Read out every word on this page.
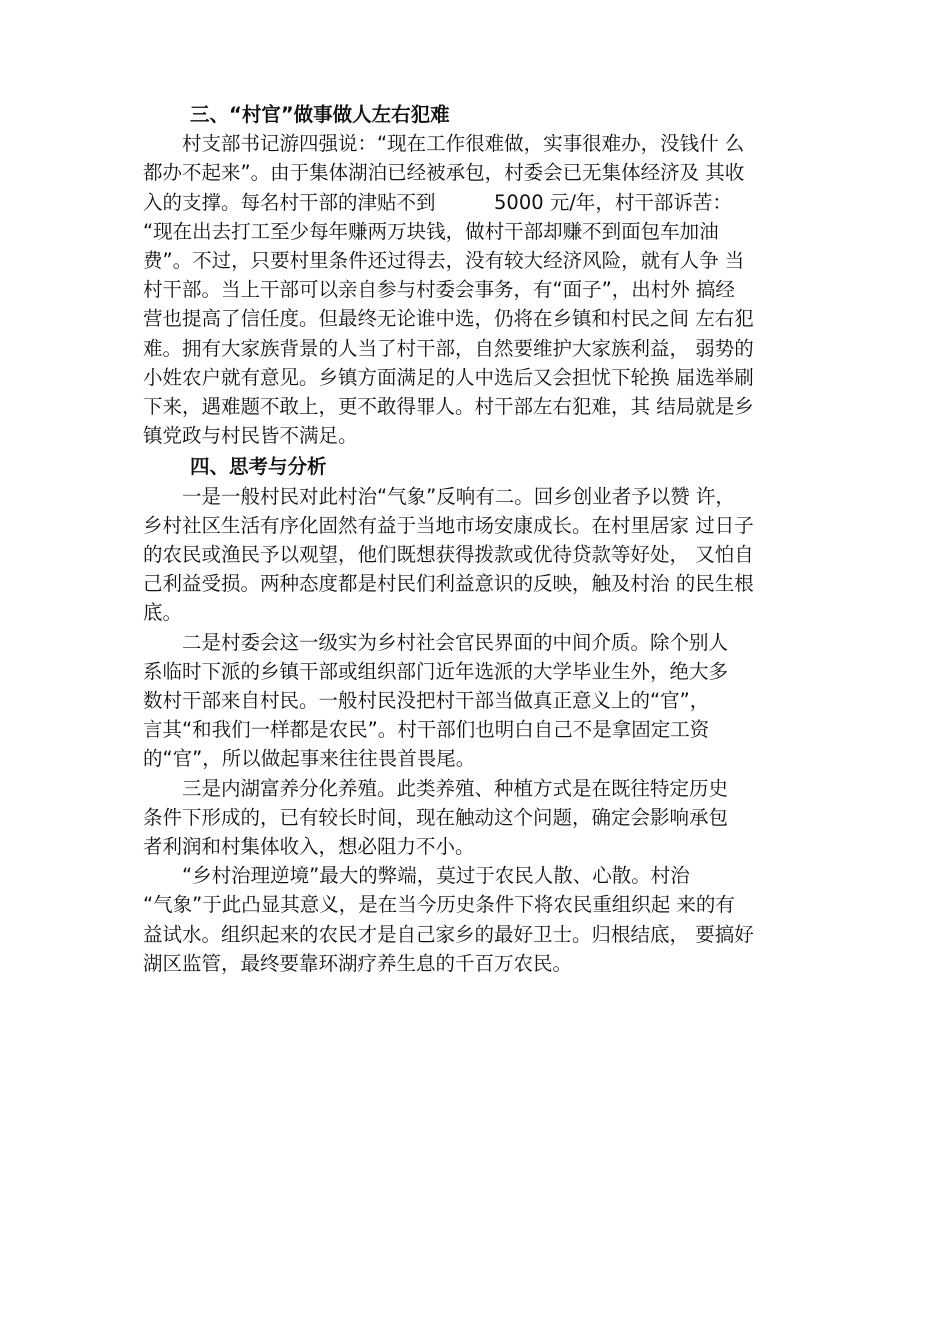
三、“村官”做事做人左右犯难
　　村支部书记游四强说：“现在工作很难做，实事很难办，没钱什 么
都办不起来”。由于集体湖泊已经被承包，村委会已无集体经济及 其收
入的支撑。每名村干部的津贴不到　　　5000 元/年，村干部诉苦：
“现在出去打工至少每年赚两万块钱，做村干部却赚不到面包车加油
费”。不过，只要村里条件还过得去，没有较大经济风险，就有人争 当
村干部。当上干部可以亲自参与村委会事务，有“面子”，出村外 搞经
营也提高了信任度。但最终无论谁中选，仍将在乡镇和村民之间 左右犯
难。拥有大家族背景的人当了村干部，自然要维护大家族利益， 弱势的
小姓农户就有意见。乡镇方面满足的人中选后又会担忧下轮换 届选举刷
下来，遇难题不敢上，更不敢得罪人。村干部左右犯难，其 结局就是乡
镇党政与村民皆不满足。
四、思考与分析
　　一是一般村民对此村治“气象”反响有二。回乡创业者予以赞 许，
乡村社区生活有序化固然有益于当地市场安康成长。在村里居家 过日子
的农民或渔民予以观望，他们既想获得拨款或优待贷款等好处， 又怕自
己利益受损。两种态度都是村民们利益意识的反映，触及村治 的民生根
底。
　　二是村委会这一级实为乡村社会官民界面的中间介质。除个别人
系临时下派的乡镇干部或组织部门近年选派的大学毕业生外，绝大多
数村干部来自村民。一般村民没把村干部当做真正意义上的“官”，
言其“和我们一样都是农民”。村干部们也明白自己不是拿固定工资
的“官”，所以做起事来往往畏首畏尾。
　　三是内湖富养分化养殖。此类养殖、种植方式是在既往特定历史
条件下形成的，已有较长时间，现在触动这个问题，确定会影响承包
者利润和村集体收入，想必阻力不小。
　　“乡村治理逆境”最大的弊端，莫过于农民人散、心散。村治
“气象”于此凸显其意义，是在当今历史条件下将农民重组织起 来的有
益试水。组织起来的农民才是自己家乡的最好卫士。归根结底， 要搞好
湖区监管，最终要靠环湖疗养生息的千百万农民。
